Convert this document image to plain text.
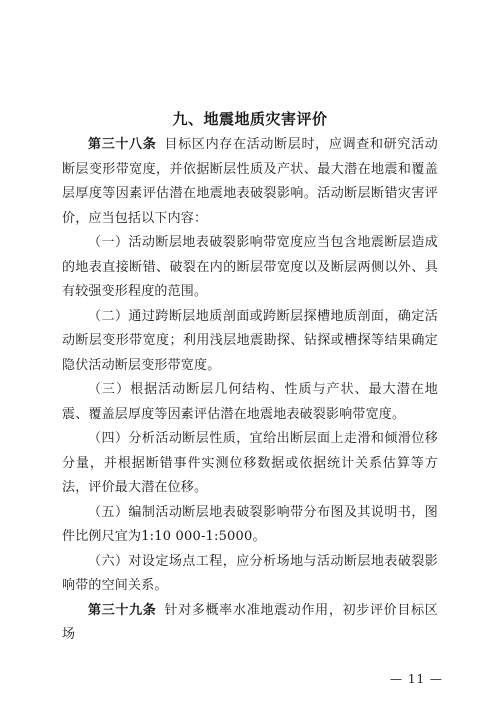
九、地震地质灾害评价

第三十八条 目标区内存在活动断层时，应调查和研究活动断层变形带宽度，并依据断层性质及产状、最大潜在地震和覆盖层厚度等因素评估潜在地震地表破裂影响。活动断层断错灾害评价，应当包括以下内容：

（一）活动断层地表破裂影响带宽度应当包含地震断层造成的地表直接断错、破裂在内的断层带宽度以及断层两侧以外、具有较强变形程度的范围。

（二）通过跨断层地质剖面或跨断层探槽地质剖面，确定活动断层变形带宽度；利用浅层地震勘探、钻探或槽探等结果确定隐伏活动断层变形带宽度。

（三）根据活动断层几何结构、性质与产状、最大潜在地震、覆盖层厚度等因素评估潜在地震地表破裂影响带宽度。

（四）分析活动断层性质，宜给出断层面上走滑和倾滑位移分量，并根据断错事件实测位移数据或依据统计关系估算等方法，评价最大潜在位移。

（五）编制活动断层地表破裂影响带分布图及其说明书，图件比例尺宜为1:10 000-1:5000。

（六）对设定场点工程，应分析场地与活动断层地表破裂影响带的空间关系。

第三十九条 针对多概率水准地震动作用，初步评价目标区场

— 11 —
